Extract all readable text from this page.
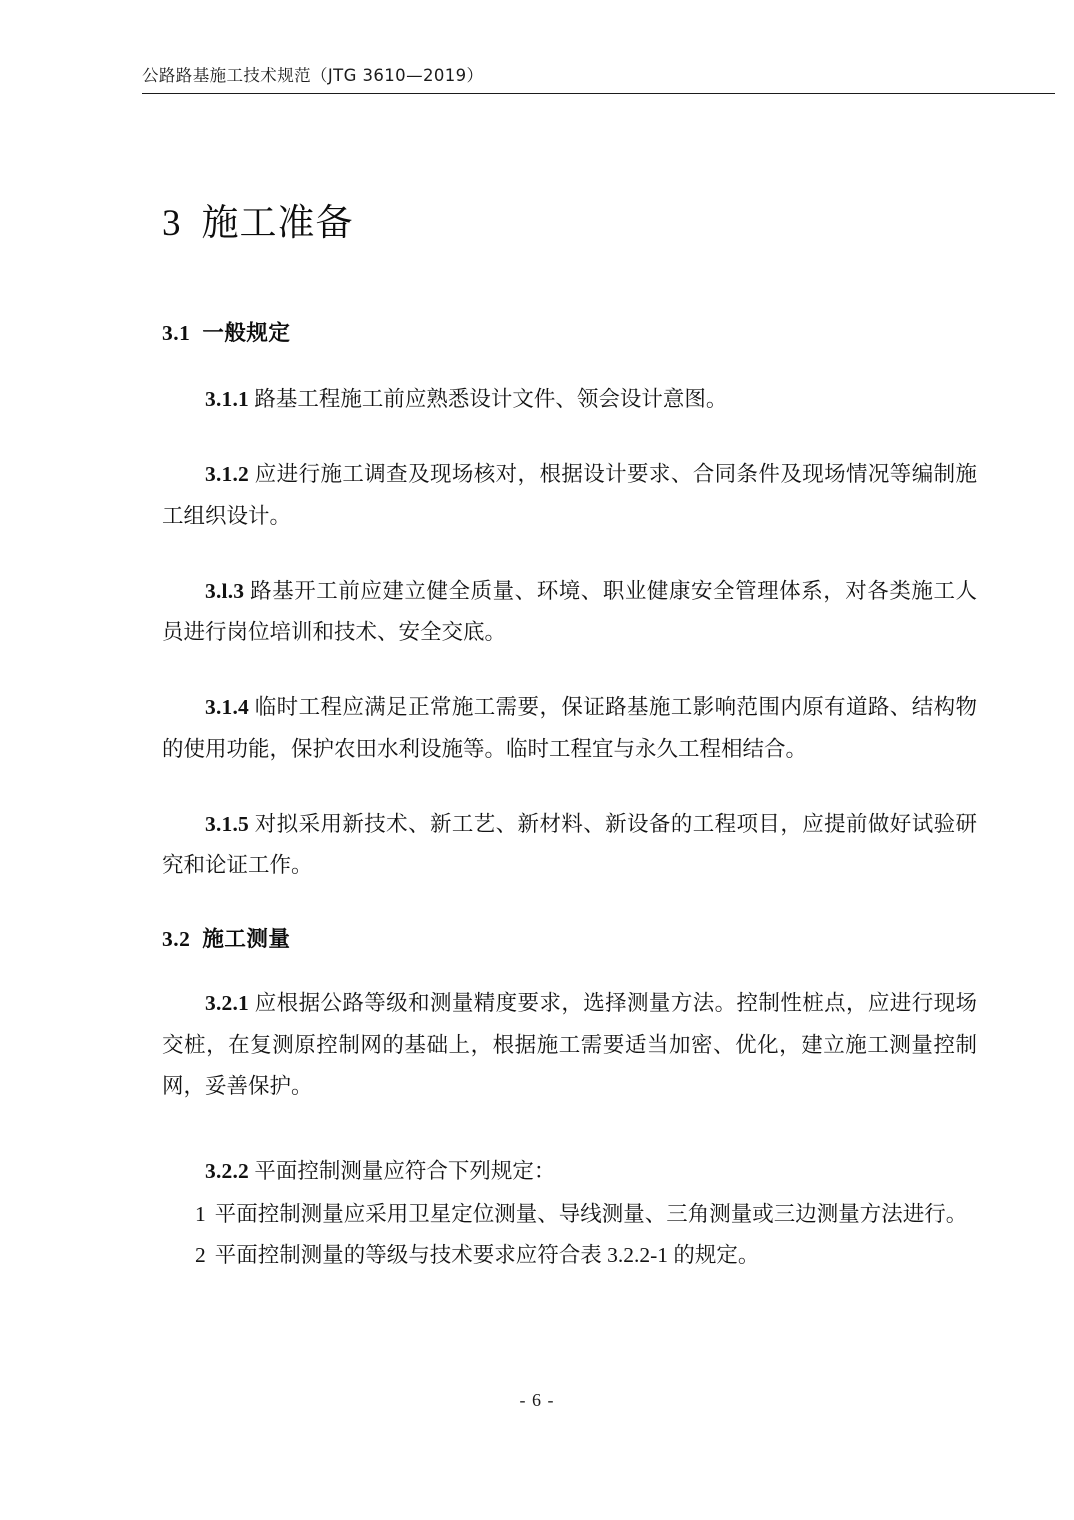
公路路基施工技术规范（JTG 3610—2019）
3 施工准备
3.1 一般规定

3.1.1 路基工程施工前应熟悉设计文件、领会设计意图。

3.1.2 应进行施工调查及现场核对，根据设计要求、合同条件及现场情况等编制施工组织设计。

3.l.3 路基开工前应建立健全质量、环境、职业健康安全管理体系，对各类施工人员进行岗位培训和技术、安全交底。

3.1.4 临时工程应满足正常施工需要，保证路基施工影响范围内原有道路、结构物的使用功能，保护农田水利设施等。临时工程宜与永久工程相结合。

3.1.5 对拟采用新技术、新工艺、新材料、新设备的工程项目，应提前做好试验研究和论证工作。

3.2 施工测量

3.2.1 应根据公路等级和测量精度要求，选择测量方法。控制性桩点，应进行现场交桩，在复测原控制网的基础上，根据施工需要适当加密、优化，建立施工测量控制网，妥善保护。

3.2.2 平面控制测量应符合下列规定：

1 平面控制测量应采用卫星定位测量、导线测量、三角测量或三边测量方法进行。

2 平面控制测量的等级与技术要求应符合表 3.2.2-1 的规定。

- 6 -
